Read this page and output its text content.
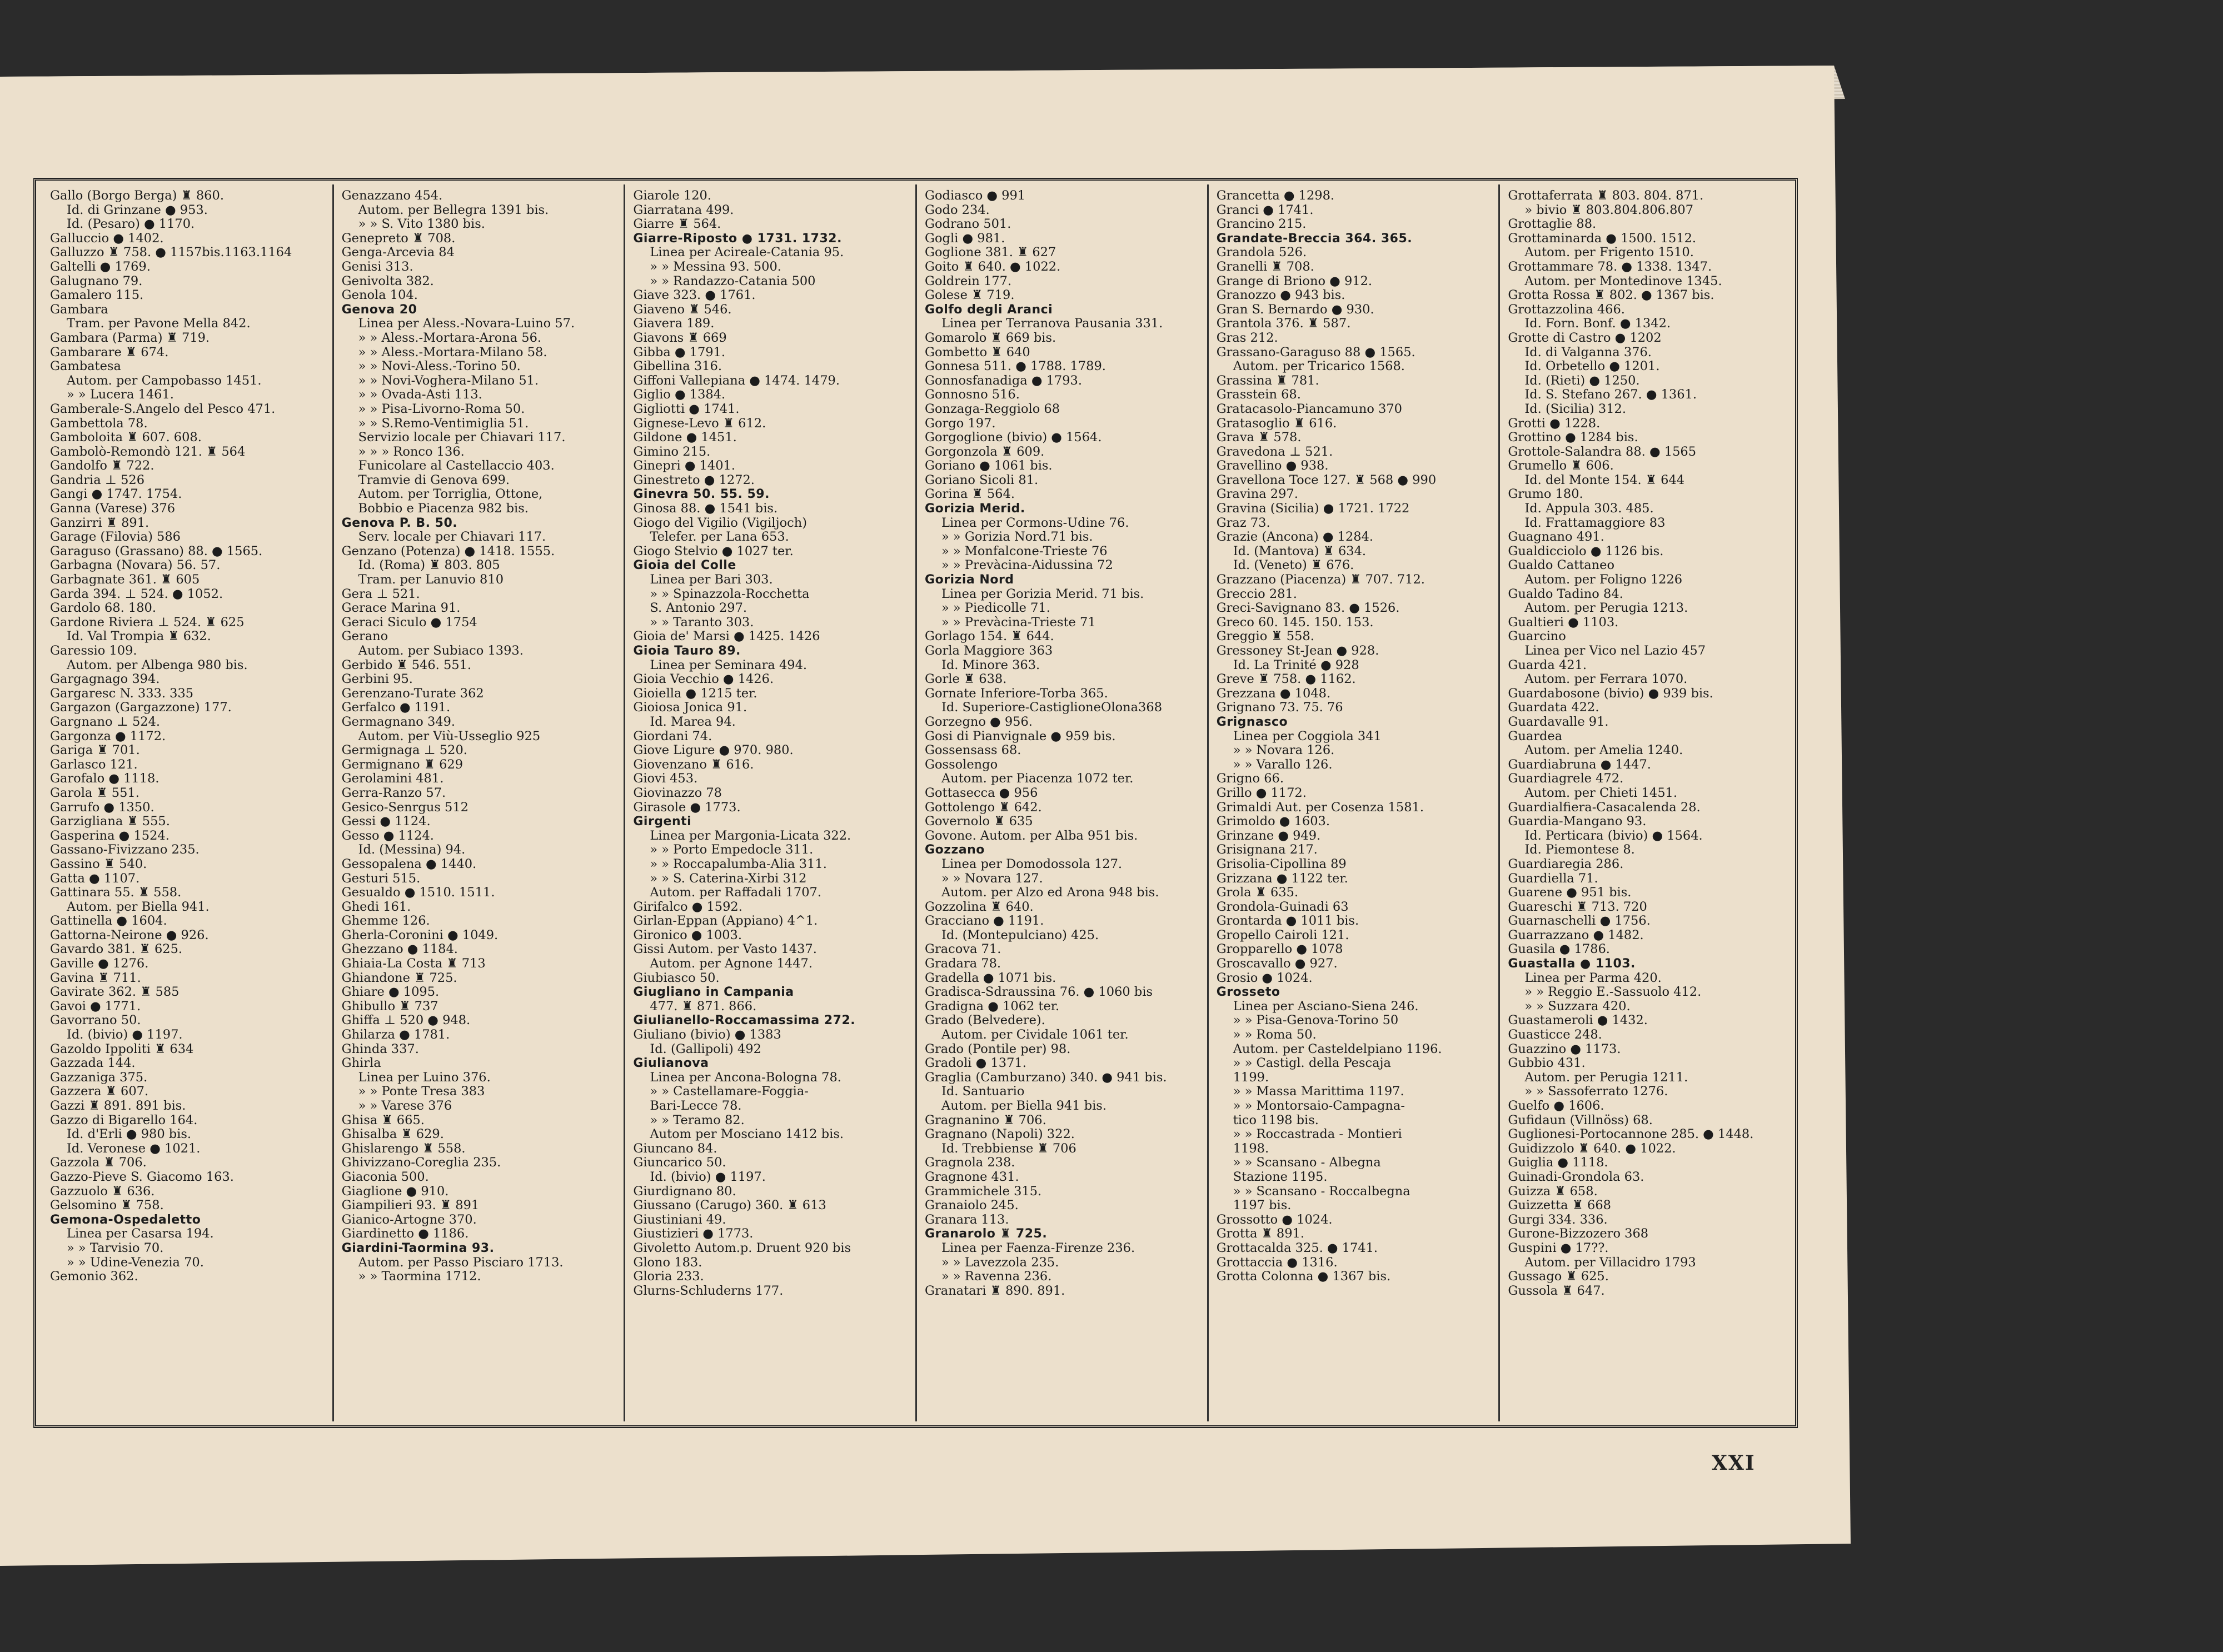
Gallo (Borgo Berga) ♜ 860.
Id. di Grinzane ● 953.
Id. (Pesaro) ● 1170.
Galluccio ● 1402.
Galluzzo ♜ 758. ● 1157bis.1163.1164
Galtelli ● 1769.
Galugnano 79.
Gamalero 115.
Gambara
Tram. per Pavone Mella 842.
Gambara (Parma) ♜ 719.
Gambarare ♜ 674.
Gambatesa
Autom. per Campobasso 1451.
» » Lucera 1461.
Gamberale-S.Angelo del Pesco 471.
Gambettola 78.
Gamboloita ♜ 607. 608.
Gambolò-Remondò 121. ♜ 564
Gandolfo ♜ 722.
Gandria ⊥ 526
Gangi ● 1747. 1754.
Ganna (Varese) 376
Ganzirri ♜ 891.
Garage (Filovia) 586
Garaguso (Grassano) 88. ● 1565.
Garbagna (Novara) 56. 57.
Garbagnate 361. ♜ 605
Garda 394. ⊥ 524. ● 1052.
Gardolo 68. 180.
Gardone Riviera ⊥ 524. ♜ 625
Id. Val Trompia ♜ 632.
Garessio 109.
Autom. per Albenga 980 bis.
Gargagnago 394.
Gargaresc N. 333. 335
Gargazon (Gargazzone) 177.
Gargnano ⊥ 524.
Gargonza ● 1172.
Gariga ♜ 701.
Garlasco 121.
Garofalo ● 1118.
Garola ♜ 551.
Garrufo ● 1350.
Garzigliana ♜ 555.
Gasperina ● 1524.
Gassano-Fivizzano 235.
Gassino ♜ 540.
Gatta ● 1107.
Gattinara 55. ♜ 558.
Autom. per Biella 941.
Gattinella ● 1604.
Gattorna-Neirone ● 926.
Gavardo 381. ♜ 625.
Gaville ● 1276.
Gavina ♜ 711.
Gavirate 362. ♜ 585
Gavoi ● 1771.
Gavorrano 50.
Id. (bivio) ● 1197.
Gazoldo Ippoliti ♜ 634
Gazzada 144.
Gazzaniga 375.
Gazzera ♜ 607.
Gazzi ♜ 891. 891 bis.
Gazzo di Bigarello 164.
Id. d'Erli ● 980 bis.
Id. Veronese ● 1021.
Gazzola ♜ 706.
Gazzo-Pieve S. Giacomo 163.
Gazzuolo ♜ 636.
Gelsomino ♜ 758.
Gemona-Ospedaletto
Linea per Casarsa 194.
» » Tarvisio 70.
» » Udine-Venezia 70.
Gemonio 362.
Genazzano 454.
Autom. per Bellegra 1391 bis.
» » S. Vito 1380 bis.
Genepreto ♜ 708.
Genga-Arcevia 84
Genisi 313.
Genivolta 382.
Genola 104.
Genova 20
Linea per Aless.-Novara-Luino 57.
» » Aless.-Mortara-Arona 56.
» » Aless.-Mortara-Milano 58.
» » Novi-Aless.-Torino 50.
» » Novi-Voghera-Milano 51.
» » Ovada-Asti 113.
» » Pisa-Livorno-Roma 50.
» » S.Remo-Ventimiglia 51.
Servizio locale per Chiavari 117.
» » » Ronco 136.
Funicolare al Castellaccio 403.
Tramvie di Genova 699.
Autom. per Torriglia, Ottone,
Bobbio e Piacenza 982 bis.
Genova P. B. 50.
Serv. locale per Chiavari 117.
Genzano (Potenza) ● 1418. 1555.
Id. (Roma) ♜ 803. 805
Tram. per Lanuvio 810
Gera ⊥ 521.
Gerace Marina 91.
Geraci Siculo ● 1754
Gerano
Autom. per Subiaco 1393.
Gerbido ♜ 546. 551.
Gerbini 95.
Gerenzano-Turate 362
Gerfalco ● 1191.
Germagnano 349.
Autom. per Viù-Usseglio 925
Germignaga ⊥ 520.
Germignano ♜ 629
Gerolamini 481.
Gerra-Ranzo 57.
Gesico-Senrgus 512
Gessi ● 1124.
Gesso ● 1124.
Id. (Messina) 94.
Gessopalena ● 1440.
Gesturi 515.
Gesualdo ● 1510. 1511.
Ghedi 161.
Ghemme 126.
Gherla-Coronini ● 1049.
Ghezzano ● 1184.
Ghiaia-La Costa ♜ 713
Ghiandone ♜ 725.
Ghiare ● 1095.
Ghibullo ♜ 737
Ghiffa ⊥ 520 ● 948.
Ghilarza ● 1781.
Ghinda 337.
Ghirla
Linea per Luino 376.
» » Ponte Tresa 383
» » Varese 376
Ghisa ♜ 665.
Ghisalba ♜ 629.
Ghislarengo ♜ 558.
Ghivizzano-Coreglia 235.
Giaconia 500.
Giaglione ● 910.
Giampilieri 93. ♜ 891
Gianico-Artogne 370.
Giardinetto ● 1186.
Giardini-Taormina 93.
Autom. per Passo Pisciaro 1713.
» » Taormina 1712.
Giarole 120.
Giarratana 499.
Giarre ♜ 564.
Giarre-Riposto ● 1731. 1732.
Linea per Acireale-Catania 95.
» » Messina 93. 500.
» » Randazzo-Catania 500
Giave 323. ● 1761.
Giaveno ♜ 546.
Giavera 189.
Giavons ♜ 669
Gibba ● 1791.
Gibellina 316.
Giffoni Vallepiana ● 1474. 1479.
Giglio ● 1384.
Gigliotti ● 1741.
Gignese-Levo ♜ 612.
Gildone ● 1451.
Gimino 215.
Ginepri ● 1401.
Ginestreto ● 1272.
Ginevra 50. 55. 59.
Ginosa 88. ● 1541 bis.
Giogo del Vigilio (Vigiljoch)
Telefer. per Lana 653.
Giogo Stelvio ● 1027 ter.
Gioia del Colle
Linea per Bari 303.
» » Spinazzola-Rocchetta
S. Antonio 297.
» » Taranto 303.
Gioia de' Marsi ● 1425. 1426
Gioia Tauro 89.
Linea per Seminara 494.
Gioia Vecchio ● 1426.
Gioiella ● 1215 ter.
Gioiosa Jonica 91.
Id. Marea 94.
Giordani 74.
Giove Ligure ● 970. 980.
Giovenzano ♜ 616.
Giovi 453.
Giovinazzo 78
Girasole ● 1773.
Girgenti
Linea per Margonia-Licata 322.
» » Porto Empedocle 311.
» » Roccapalumba-Alia 311.
» » S. Caterina-Xirbi 312
Autom. per Raffadali 1707.
Girifalco ● 1592.
Girlan-Eppan (Appiano) 4^1.
Gironico ● 1003.
Gissi Autom. per Vasto 1437.
Autom. per Agnone 1447.
Giubiasco 50.
Giugliano in Campania
477. ♜ 871. 866.
Giulianello-Roccamassima 272.
Giuliano (bivio) ● 1383
Id. (Gallipoli) 492
Giulianova
Linea per Ancona-Bologna 78.
» » Castellamare-Foggia-
Bari-Lecce 78.
» » Teramo 82.
Autom per Mosciano 1412 bis.
Giuncano 84.
Giuncarico 50.
Id. (bivio) ● 1197.
Giurdignano 80.
Giussano (Carugo) 360. ♜ 613
Giustiniani 49.
Giustizieri ● 1773.
Givoletto Autom.p. Druent 920 bis
Glono 183.
Gloria 233.
Glurns-Schluderns 177.
Godiasco ● 991
Godo 234.
Godrano 501.
Gogli ● 981.
Goglione 381. ♜ 627
Goito ♜ 640. ● 1022.
Goldrein 177.
Golese ♜ 719.
Golfo degli Aranci
Linea per Terranova Pausania 331.
Gomarolo ♜ 669 bis.
Gombetto ♜ 640
Gonnesa 511. ● 1788. 1789.
Gonnosfanadiga ● 1793.
Gonnosno 516.
Gonzaga-Reggiolo 68
Gorgo 197.
Gorgoglione (bivio) ● 1564.
Gorgonzola ♜ 609.
Goriano ● 1061 bis.
Goriano Sicoli 81.
Gorina ♜ 564.
Gorizia Merid.
Linea per Cormons-Udine 76.
» » Gorizia Nord.71 bis.
» » Monfalcone-Trieste 76
» » Prevàcina-Aidussina 72
Gorizia Nord
Linea per Gorizia Merid. 71 bis.
» » Piedicolle 71.
» » Prevàcina-Trieste 71
Gorlago 154. ♜ 644.
Gorla Maggiore 363
Id. Minore 363.
Gorle ♜ 638.
Gornate Inferiore-Torba 365.
Id. Superiore-CastiglioneOlona368
Gorzegno ● 956.
Gosi di Pianvignale ● 959 bis.
Gossensass 68.
Gossolengo
Autom. per Piacenza 1072 ter.
Gottasecca ● 956
Gottolengo ♜ 642.
Governolo ♜ 635
Govone. Autom. per Alba 951 bis.
Gozzano
Linea per Domodossola 127.
» » Novara 127.
Autom. per Alzo ed Arona 948 bis.
Gozzolina ♜ 640.
Gracciano ● 1191.
Id. (Montepulciano) 425.
Gracova 71.
Gradara 78.
Gradella ● 1071 bis.
Gradisca-Sdraussina 76. ● 1060 bis
Gradigna ● 1062 ter.
Grado (Belvedere).
Autom. per Cividale 1061 ter.
Grado (Pontile per) 98.
Gradoli ● 1371.
Graglia (Camburzano) 340. ● 941 bis.
Id. Santuario
Autom. per Biella 941 bis.
Gragnanino ♜ 706.
Gragnano (Napoli) 322.
Id. Trebbiense ♜ 706
Gragnola 238.
Gragnone 431.
Grammichele 315.
Granaiolo 245.
Granara 113.
Granarolo ♜ 725.
Linea per Faenza-Firenze 236.
» » Lavezzola 235.
» » Ravenna 236.
Granatari ♜ 890. 891.
Grancetta ● 1298.
Granci ● 1741.
Grancino 215.
Grandate-Breccia 364. 365.
Grandola 526.
Granelli ♜ 708.
Grange di Briono ● 912.
Granozzo ● 943 bis.
Gran S. Bernardo ● 930.
Grantola 376. ♜ 587.
Gras 212.
Grassano-Garaguso 88 ● 1565.
Autom. per Tricarico 1568.
Grassina ♜ 781.
Grasstein 68.
Gratacasolo-Piancamuno 370
Gratasoglio ♜ 616.
Grava ♜ 578.
Gravedona ⊥ 521.
Gravellino ● 938.
Gravellona Toce 127. ♜ 568 ● 990
Gravina 297.
Gravina (Sicilia) ● 1721. 1722
Graz 73.
Grazie (Ancona) ● 1284.
Id. (Mantova) ♜ 634.
Id. (Veneto) ♜ 676.
Grazzano (Piacenza) ♜ 707. 712.
Greccio 281.
Greci-Savignano 83. ● 1526.
Greco 60. 145. 150. 153.
Greggio ♜ 558.
Gressoney St-Jean ● 928.
Id. La Trinité ● 928
Greve ♜ 758. ● 1162.
Grezzana ● 1048.
Grignano 73. 75. 76
Grignasco
Linea per Coggiola 341
» » Novara 126.
» » Varallo 126.
Grigno 66.
Grillo ● 1172.
Grimaldi Aut. per Cosenza 1581.
Grimoldo ● 1603.
Grinzane ● 949.
Grisignana 217.
Grisolia-Cipollina 89
Grizzana ● 1122 ter.
Grola ♜ 635.
Grondola-Guinadi 63
Grontarda ● 1011 bis.
Gropello Cairoli 121.
Gropparello ● 1078
Groscavallo ● 927.
Grosio ● 1024.
Grosseto
Linea per Asciano-Siena 246.
» » Pisa-Genova-Torino 50
» » Roma 50.
Autom. per Casteldelpiano 1196.
» » Castigl. della Pescaja
1199.
» » Massa Marittima 1197.
» » Montorsaio-Campagna-
tico 1198 bis.
» » Roccastrada - Montieri
1198.
» » Scansano - Albegna
Stazione 1195.
» » Scansano - Roccalbegna
1197 bis.
Grossotto ● 1024.
Grotta ♜ 891.
Grottacalda 325. ● 1741.
Grottaccia ● 1316.
Grotta Colonna ● 1367 bis.
Grottaferrata ♜ 803. 804. 871.
» bivio ♜ 803.804.806.807
Grottaglie 88.
Grottaminarda ● 1500. 1512.
Autom. per Frigento 1510.
Grottammare 78. ● 1338. 1347.
Autom. per Montedinove 1345.
Grotta Rossa ♜ 802. ● 1367 bis.
Grottazzolina 466.
Id. Forn. Bonf. ● 1342.
Grotte di Castro ● 1202
Id. di Valganna 376.
Id. Orbetello ● 1201.
Id. (Rieti) ● 1250.
Id. S. Stefano 267. ● 1361.
Id. (Sicilia) 312.
Grotti ● 1228.
Grottino ● 1284 bis.
Grottole-Salandra 88. ● 1565
Grumello ♜ 606.
Id. del Monte 154. ♜ 644
Grumo 180.
Id. Appula 303. 485.
Id. Frattamaggiore 83
Guagnano 491.
Gualdicciolo ● 1126 bis.
Gualdo Cattaneo
Autom. per Foligno 1226
Gualdo Tadino 84.
Autom. per Perugia 1213.
Gualtieri ● 1103.
Guarcino
Linea per Vico nel Lazio 457
Guarda 421.
Autom. per Ferrara 1070.
Guardabosone (bivio) ● 939 bis.
Guardata 422.
Guardavalle 91.
Guardea
Autom. per Amelia 1240.
Guardiabruna ● 1447.
Guardiagrele 472.
Autom. per Chieti 1451.
Guardialfiera-Casacalenda 28.
Guardia-Mangano 93.
Id. Perticara (bivio) ● 1564.
Id. Piemontese 8.
Guardiaregia 286.
Guardiella 71.
Guarene ● 951 bis.
Guareschi ♜ 713. 720
Guarnaschelli ● 1756.
Guarrazzano ● 1482.
Guasila ● 1786.
Guastalla ● 1103.
Linea per Parma 420.
» » Reggio E.-Sassuolo 412.
» » Suzzara 420.
Guastameroli ● 1432.
Guasticce 248.
Guazzino ● 1173.
Gubbio 431.
Autom. per Perugia 1211.
» » Sassoferrato 1276.
Guelfo ● 1606.
Gufidaun (Villnöss) 68.
Guglionesi-Portocannone 285. ● 1448.
Guidizzolo ♜ 640. ● 1022.
Guiglia ● 1118.
Guinadi-Grondola 63.
Guizza ♜ 658.
Guizzetta ♜ 668
Gurgi 334. 336.
Gurone-Bizzozero 368
Guspini ● 17??.
Autom. per Villacidro 1793
Gussago ♜ 625.
Gussola ♜ 647.
XXI
